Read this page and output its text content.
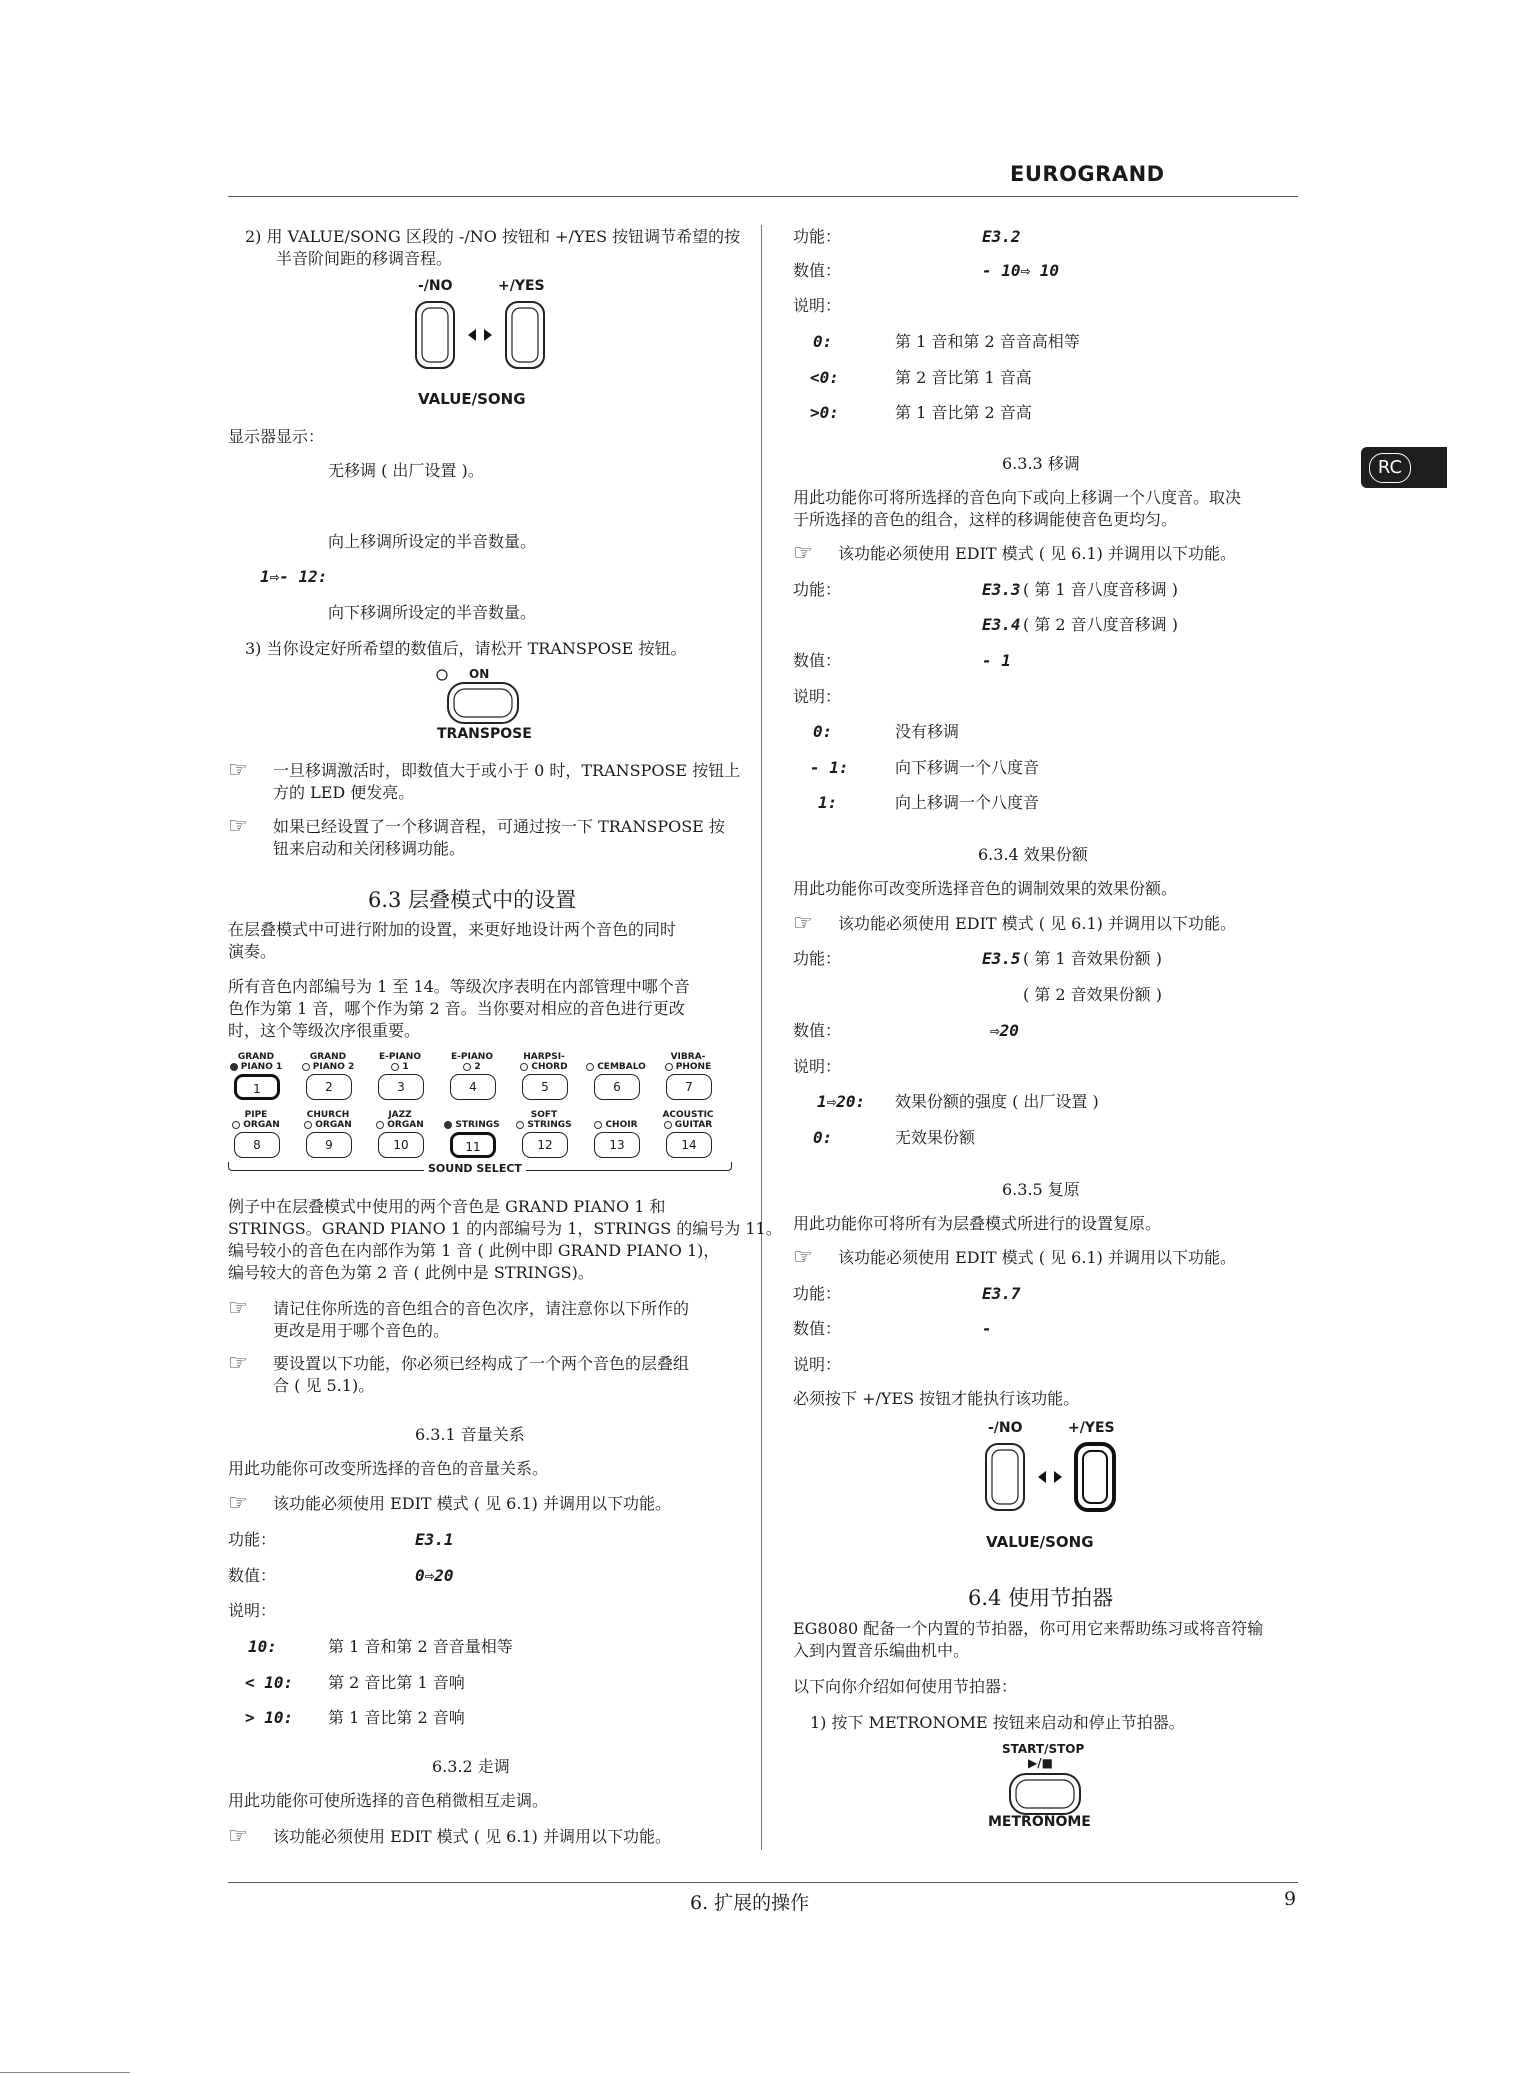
EUROGRAND
RC
2) 用 VALUE/SONG 区段的 -/NO 按钮和 +/YES 按钮调节希望的按
半音阶间距的移调音程。
-/NO	+/YES
VALUE/SONG
显示器显示：
无移调 ( 出厂设置 )。
向上移调所设定的半音数量。
1⇨- 12:
向下移调所设定的半音数量。
3) 当你设定好所希望的数值后，请松开 TRANSPOSE 按钮。
ON
TRANSPOSE
☞ 一旦移调激活时，即数值大于或小于 0 时，TRANSPOSE 按钮上
方的 LED 便发亮。
☞ 如果已经设置了一个移调音程，可通过按一下 TRANSPOSE 按
钮来启动和关闭移调功能。
6.3 层叠模式中的设置
在层叠模式中可进行附加的设置，来更好地设计两个音色的同时
演奏。
所有音色内部编号为 1 至 14。等级次序表明在内部管理中哪个音
色作为第 1 音，哪个作为第 2 音。当你要对相应的音色进行更改
时，这个等级次序很重要。
GRAND
PIANO 1
GRAND
PIANO 2
E-PIANO
1
E-PIANO
2
HARPSI-
CHORD	CEMBALO
VIBRA-
PHONE
1	2	3	4	5	6	7
PIPE
ORGAN
CHURCH
ORGAN
JAZZ
ORGAN	STRINGS
SOFT
STRINGS	CHOIR
ACOUSTIC
GUITAR
8	9	10	11	12	13	14
SOUND SELECT
例子中在层叠模式中使用的两个音色是 GRAND PIANO 1 和
STRINGS。GRAND PIANO 1 的内部编号为 1，STRINGS 的编号为 11。
编号较小的音色在内部作为第 1 音 ( 此例中即 GRAND PIANO 1)，
编号较大的音色为第 2 音 ( 此例中是 STRINGS)。
☞ 请记住你所选的音色组合的音色次序，请注意你以下所作的
更改是用于哪个音色的。
☞ 要设置以下功能，你必须已经构成了一个两个音色的层叠组
合 ( 见 5.1)。
6.3.1 音量关系
用此功能你可改变所选择的音色的音量关系。
☞ 该功能必须使用 EDIT 模式 ( 见 6.1) 并调用以下功能。
功能：	E3.1
数值：	0⇨20
说明：
10:	第 1 音和第 2 音音量相等
< 10: 第 2 音比第 1 音响
> 10: 第 1 音比第 2 音响
6.3.2 走调
用此功能你可使所选择的音色稍微相互走调。
☞ 该功能必须使用 EDIT 模式 ( 见 6.1) 并调用以下功能。
功能：	E3.2
数值：	- 10⇨ 10
说明：
0:	第 1 音和第 2 音音高相等
<0:	第 2 音比第 1 音高
>0:	第 1 音比第 2 音高
6.3.3 移调
用此功能你可将所选择的音色向下或向上移调一个八度音。取决
于所选择的音色的组合，这样的移调能使音色更均匀。
☞ 该功能必须使用 EDIT 模式 ( 见 6.1) 并调用以下功能。
功能：	E3.3 ( 第 1 音八度音移调 )
E3.4 ( 第 2 音八度音移调 )
数值：	- 1
说明：
0:	没有移调
- 1:	向下移调一个八度音
1:	向上移调一个八度音
6.3.4 效果份额
用此功能你可改变所选择音色的调制效果的效果份额。
☞ 该功能必须使用 EDIT 模式 ( 见 6.1) 并调用以下功能。
功能：	E3.5 ( 第 1 音效果份额 )
( 第 2 音效果份额 )
数值：	⇨20
说明：
1⇨20: 效果份额的强度 ( 出厂设置 )
0:	无效果份额
6.3.5 复原
用此功能你可将所有为层叠模式所进行的设置复原。
☞ 该功能必须使用 EDIT 模式 ( 见 6.1) 并调用以下功能。
功能：	E3.7
数值：	-
说明：
必须按下 +/YES 按钮才能执行该功能。
-/NO	+/YES
VALUE/SONG
6.4 使用节拍器
EG8080 配备一个内置的节拍器，你可用它来帮助练习或将音符输
入到内置音乐编曲机中。
以下向你介绍如何使用节拍器：
1) 按下 METRONOME 按钮来启动和停止节拍器。
START/STOP
▶/■
METRONOME
6. 扩展的操作	9
